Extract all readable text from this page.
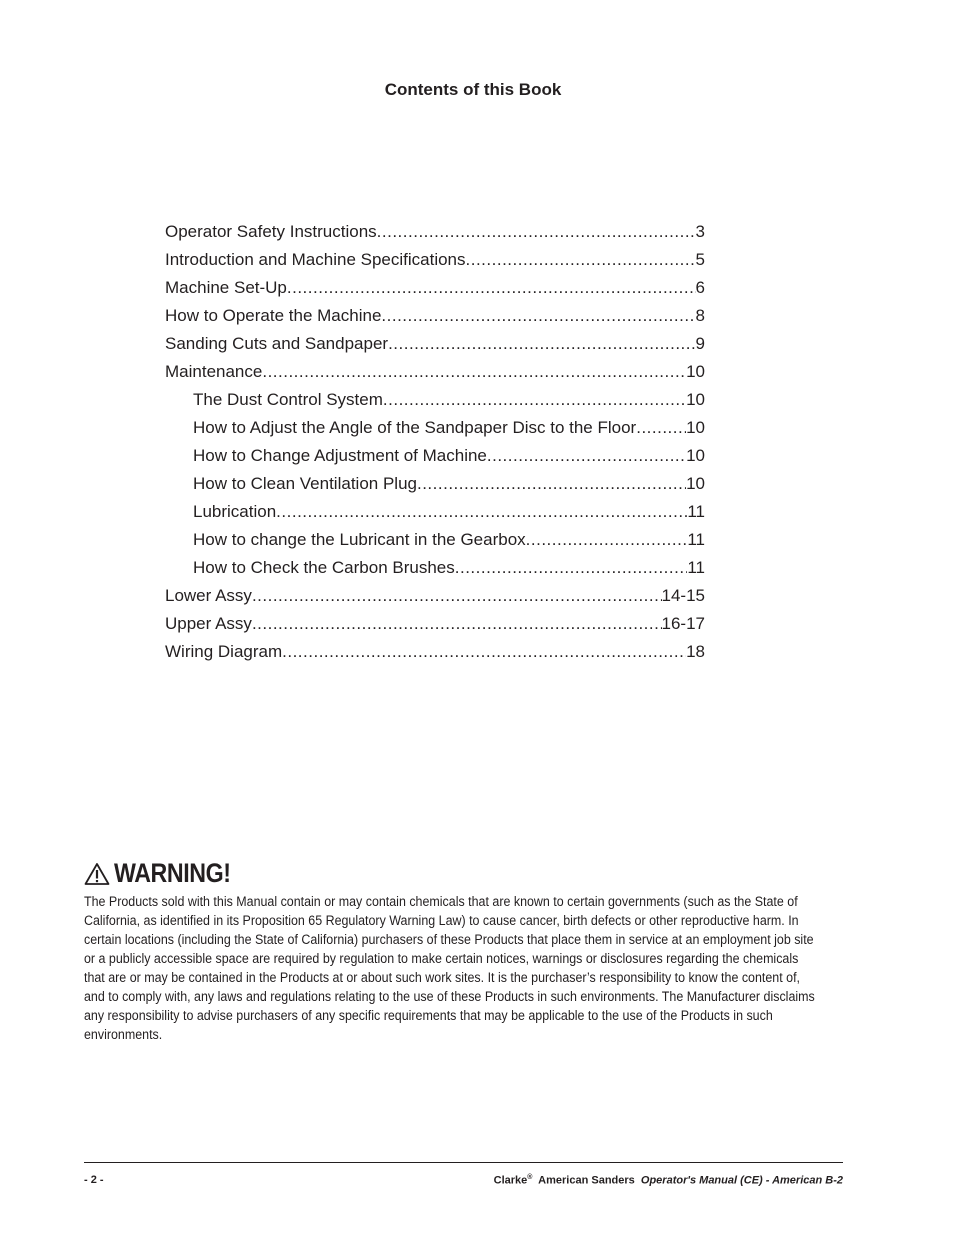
Contents of this Book
Operator Safety Instructions .....	3
Introduction and Machine Specifications .....	5
Machine Set-Up .....	6
How to Operate the Machine .....	8
Sanding Cuts and Sandpaper .....	9
Maintenance .....	10
The Dust Control System .....	10
How to Adjust the Angle of the Sandpaper Disc to the Floor .....	10
How to Change Adjustment of Machine .....	10
How to Clean Ventilation Plug .....	10
Lubrication .....	11
How to change the Lubricant in the Gearbox .....	11
How to Check the Carbon Brushes .....	11
Lower Assy .....	14-15
Upper Assy .....	16-17
Wiring Diagram .....	18
WARNING!
The Products sold with this Manual contain or may contain chemicals that are known to certain governments (such as the State of
California, as identified in its Proposition 65 Regulatory Warning Law) to cause cancer, birth defects or other reproductive harm. In
certain locations (including the State of California) purchasers of these Products that place them in service at an employment job site
or a publicly accessible space are required by regulation to make certain notices, warnings or disclosures regarding the chemicals
that are or may be contained in the Products at or about such work sites. It is the purchaser’s responsibility to know the content of,
and to comply with, any laws and regulations relating to the use of these Products in such environments. The Manufacturer disclaims
any responsibility to advise purchasers of any specific requirements that may be applicable to the use of the Products in such
environments.
- 2 -	Clarke® American Sanders Operator's Manual (CE) - American B-2
